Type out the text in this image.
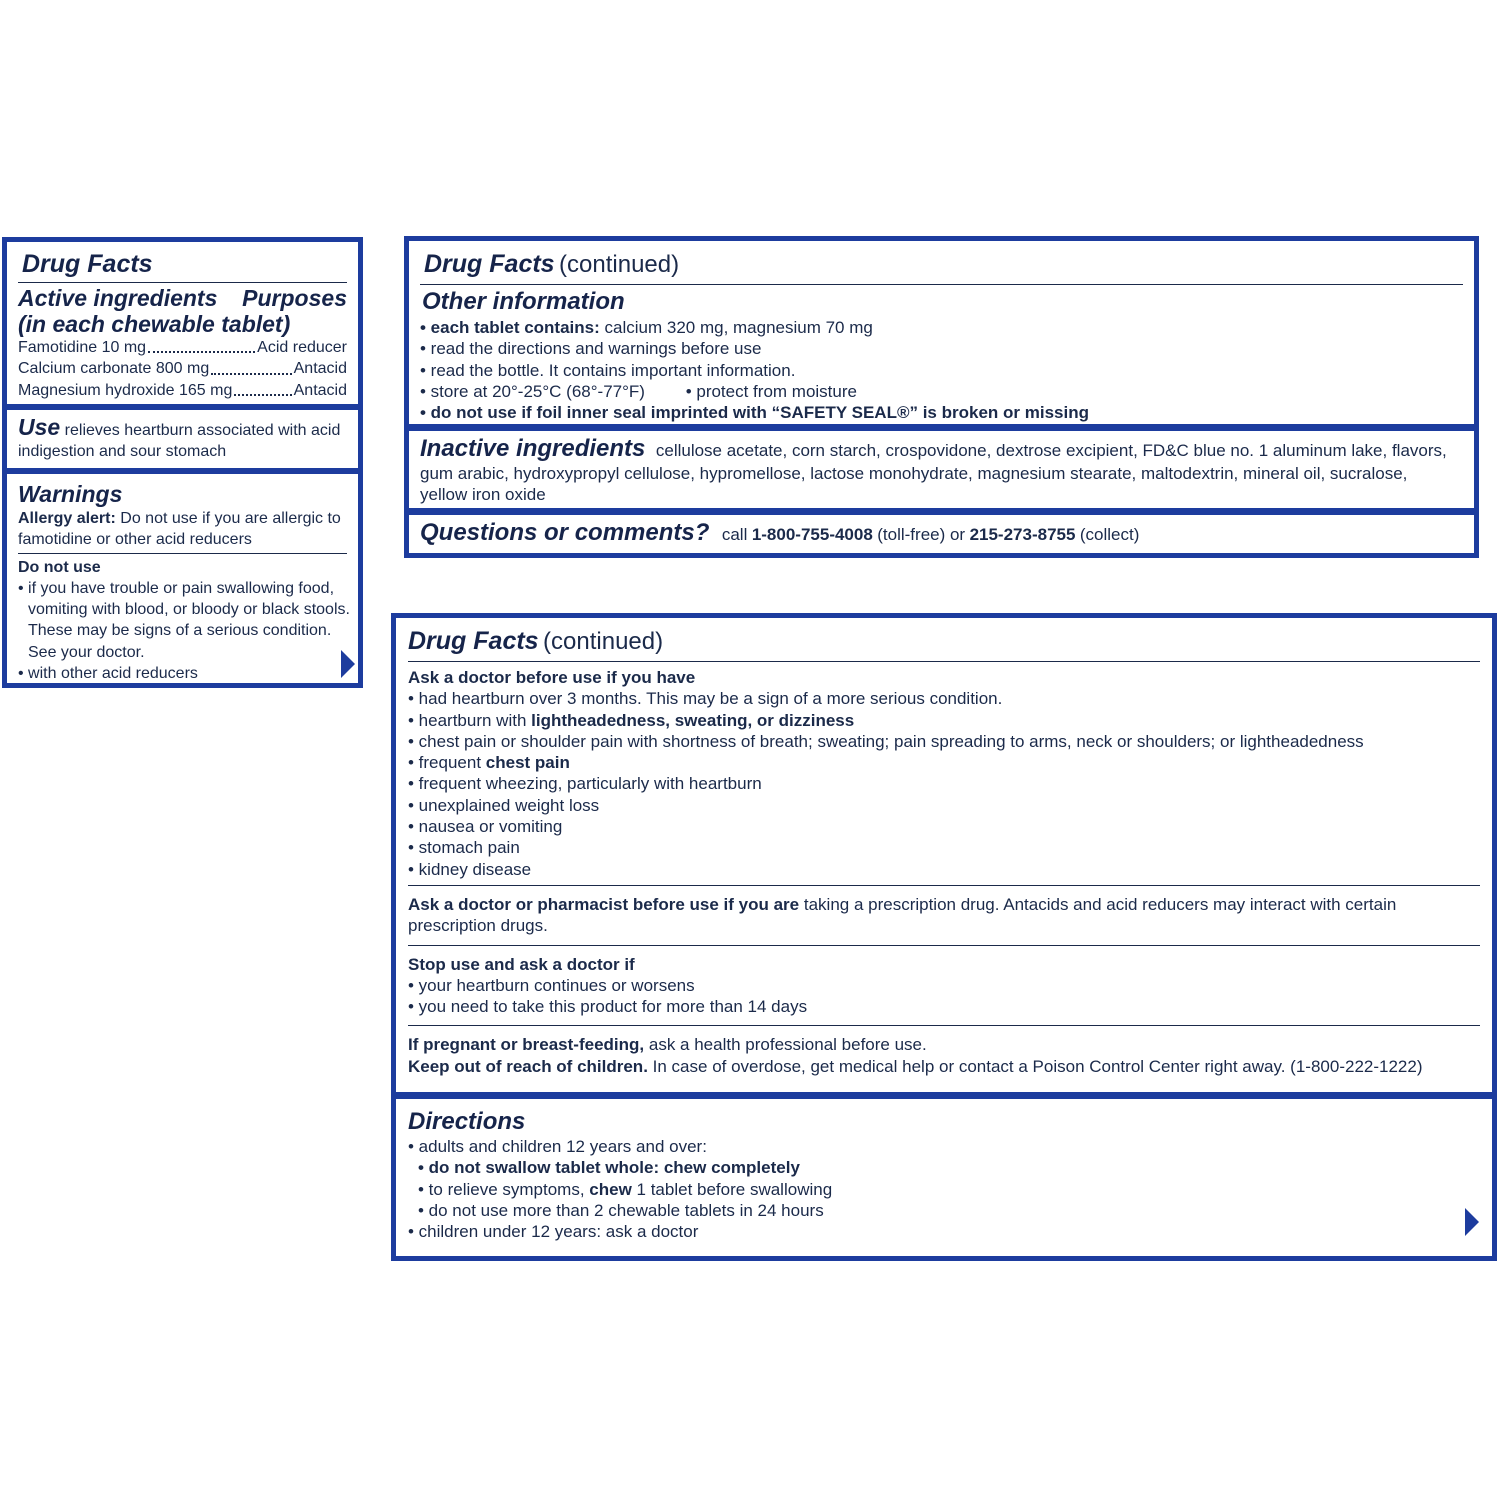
Drug Facts
Active ingredients Purposes
(in each chewable tablet)
Famotidine 10 mg	Acid reducer
Calcium carbonate 800 mg	Antacid
Magnesium hydroxide 165 mg	Antacid
Use relieves heartburn associated with acid
indigestion and sour stomach
Warnings
Allergy alert: Do not use if you are allergic to
famotidine or other acid reducers
Do not use
• if you have trouble or pain swallowing food,
vomiting with blood, or bloody or black stools.
These may be signs of a serious condition.
See your doctor.
• with other acid reducers
Drug Facts (continued)
Other information
• each tablet contains: calcium 320 mg, magnesium 70 mg
• read the directions and warnings before use
• read the bottle. It contains important information.
• store at 20°-25°C (68°-77°F) • protect from moisture
• do not use if foil inner seal imprinted with “SAFETY SEAL®” is broken or missing
Inactive ingredients cellulose acetate, corn starch, crospovidone, dextrose excipient, FD&C blue no. 1 aluminum lake, flavors,
gum arabic, hydroxypropyl cellulose, hypromellose, lactose monohydrate, magnesium stearate, maltodextrin, mineral oil, sucralose,
yellow iron oxide
Questions or comments? call 1-800-755-4008 (toll-free) or 215-273-8755 (collect)
Drug Facts (continued)
Ask a doctor before use if you have
• had heartburn over 3 months. This may be a sign of a more serious condition.
• heartburn with lightheadedness, sweating, or dizziness
• chest pain or shoulder pain with shortness of breath; sweating; pain spreading to arms, neck or shoulders; or lightheadedness
• frequent chest pain
• frequent wheezing, particularly with heartburn
• unexplained weight loss
• nausea or vomiting
• stomach pain
• kidney disease
Ask a doctor or pharmacist before use if you are taking a prescription drug. Antacids and acid reducers may interact with certain
prescription drugs.
Stop use and ask a doctor if
• your heartburn continues or worsens
• you need to take this product for more than 14 days
If pregnant or breast-feeding, ask a health professional before use.
Keep out of reach of children. In case of overdose, get medical help or contact a Poison Control Center right away. (1-800-222-1222)
Directions
• adults and children 12 years and over:
• do not swallow tablet whole: chew completely
• to relieve symptoms, chew 1 tablet before swallowing
• do not use more than 2 chewable tablets in 24 hours
• children under 12 years: ask a doctor
